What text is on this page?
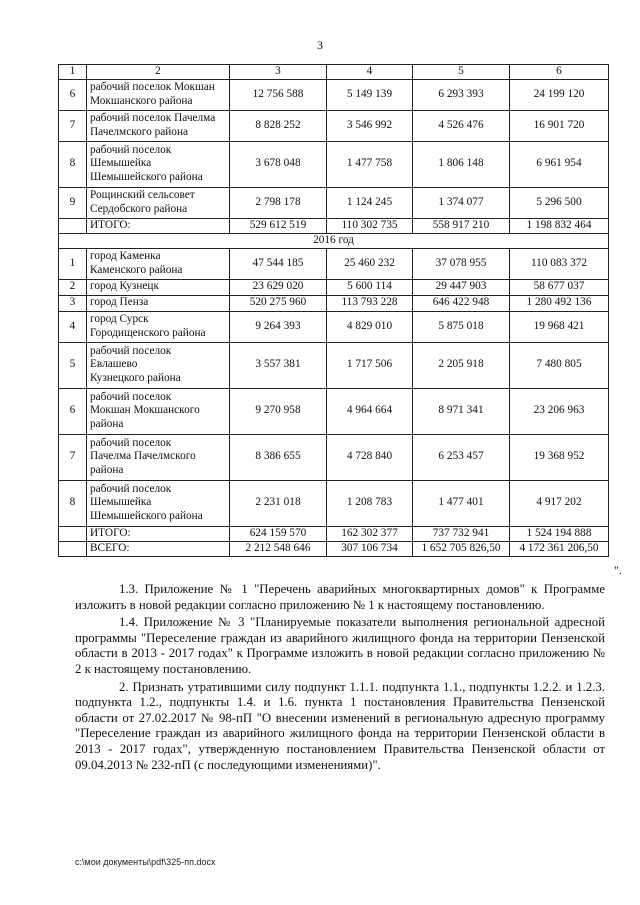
3
1	2	3	4	5	6
6	рабочий поселок Мокшан
Мокшанского района	12 756 588	5 149 139	6 293 393	24 199 120
7	рабочий поселок Пачелма
Пачелмского района	8 828 252	3 546 992	4 526 476	16 901 720
8	рабочий поселок
Шемышейка
Шемышейского района	3 678 048	1 477 758	1 806 148	6 961 954
9	Рощинский сельсовет
Сердобского района	2 798 178	1 124 245	1 374 077	5 296 500
	ИТОГО:	529 612 519	110 302 735	558 917 210	1 198 832 464
2016 год					
1	город Каменка
Каменского района	47 544 185	25 460 232	37 078 955	110 083 372
2	город Кузнецк	23 629 020	5 600 114	29 447 903	58 677 037
3	город Пенза	520 275 960	113 793 228	646 422 948	1 280 492 136
4	город Сурск
Городищенского района	9 264 393	4 829 010	5 875 018	19 968 421
5	рабочий поселок
Евлашево
Кузнецкого района	3 557 381	1 717 506	2 205 918	7 480 805
6	рабочий поселок
Мокшан Мокшанского
района	9 270 958	4 964 664	8 971 341	23 206 963
7	рабочий поселок
Пачелма Пачелмского
района	8 386 655	4 728 840	6 253 457	19 368 952
8	рабочий поселок
Шемышейка
Шемышейского района	2 231 018	1 208 783	1 477 401	4 917 202
	ИТОГО:	624 159 570	162 302 377	737 732 941	1 524 194 888
	ВСЕГО:	2 212 548 646	307 106 734	1 652 705 826,50	4 172 361 206,50
".

1.3. Приложение № 1 "Перечень аварийных многоквартирных домов" к Программе изложить в новой редакции согласно приложению № 1 к настоящему постановлению.

1.4. Приложение № 3 "Планируемые показатели выполнения региональной адресной программы "Переселение граждан из аварийного жилищного фонда на территории Пензенской области в 2013 - 2017 годах" к Программе изложить в новой редакции согласно приложению № 2 к настоящему постановлению.

2. Признать утратившими силу подпункт 1.1.1. подпункта 1.1., подпункты 1.2.2. и 1.2.3. подпункта 1.2., подпункты 1.4. и 1.6. пункта 1 постановления Правительства Пензенской области от 27.02.2017 № 98-пП "О внесении изменений в региональную адресную программу "Переселение граждан из аварийного жилищного фонда на территории Пензенской области в 2013 - 2017 годах", утвержденную постановлением Правительства Пензенской области от 09.04.2013 № 232-пП (с последующими изменениями)".

c:\мои документы\pdf\325-пп.docx
